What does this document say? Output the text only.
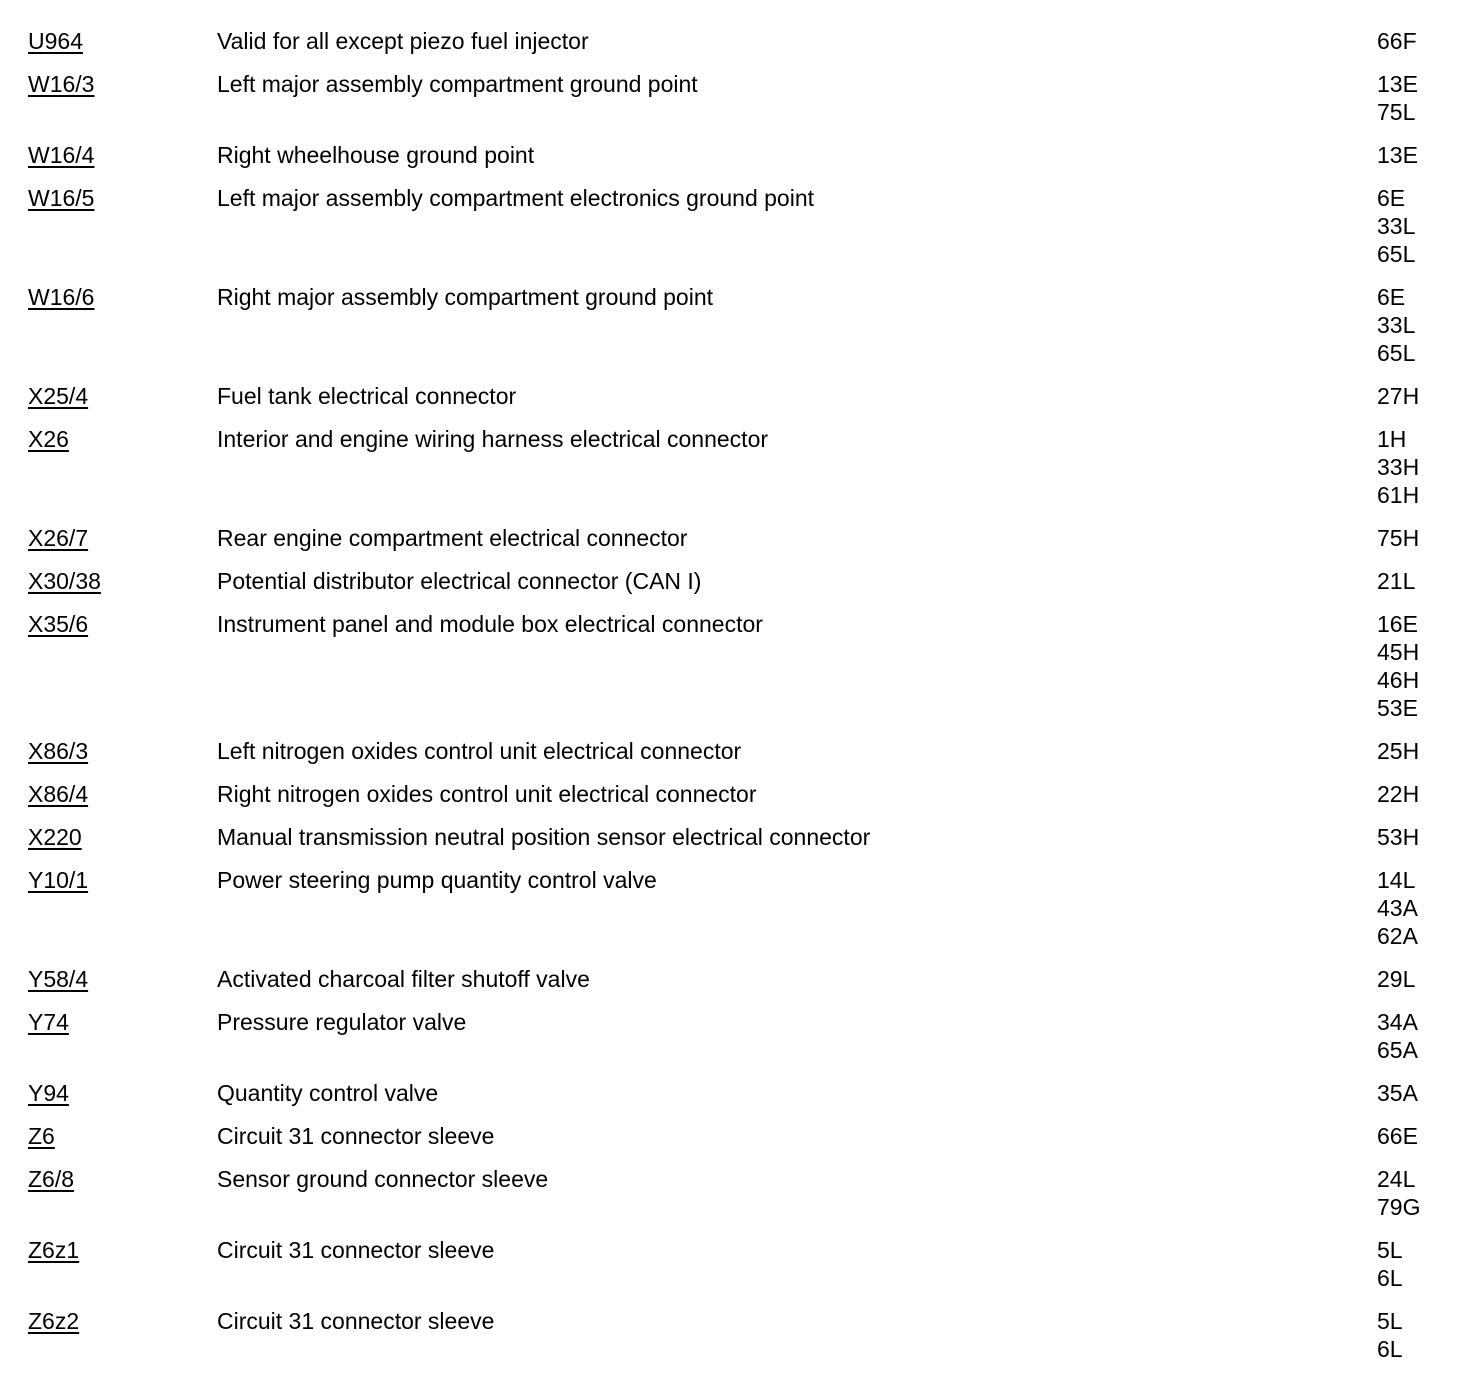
U964	Valid for all except piezo fuel injector	66F
W16/3	Left major assembly compartment ground point	13E
75L
W16/4	Right wheelhouse ground point	13E
W16/5	Left major assembly compartment electronics ground point	6E
33L
65L
W16/6	Right major assembly compartment ground point	6E
33L
65L
X25/4	Fuel tank electrical connector	27H
X26	Interior and engine wiring harness electrical connector	1H
33H
61H
X26/7	Rear engine compartment electrical connector	75H
X30/38	Potential distributor electrical connector (CAN I)	21L
X35/6	Instrument panel and module box electrical connector	16E
45H
46H
53E
X86/3	Left nitrogen oxides control unit electrical connector	25H
X86/4	Right nitrogen oxides control unit electrical connector	22H
X220	Manual transmission neutral position sensor electrical connector	53H
Y10/1	Power steering pump quantity control valve	14L
43A
62A
Y58/4	Activated charcoal filter shutoff valve	29L
Y74	Pressure regulator valve	34A
65A
Y94	Quantity control valve	35A
Z6	Circuit 31 connector sleeve	66E
Z6/8	Sensor ground connector sleeve	24L
79G
Z6z1	Circuit 31 connector sleeve	5L
6L
Z6z2	Circuit 31 connector sleeve	5L
6L
